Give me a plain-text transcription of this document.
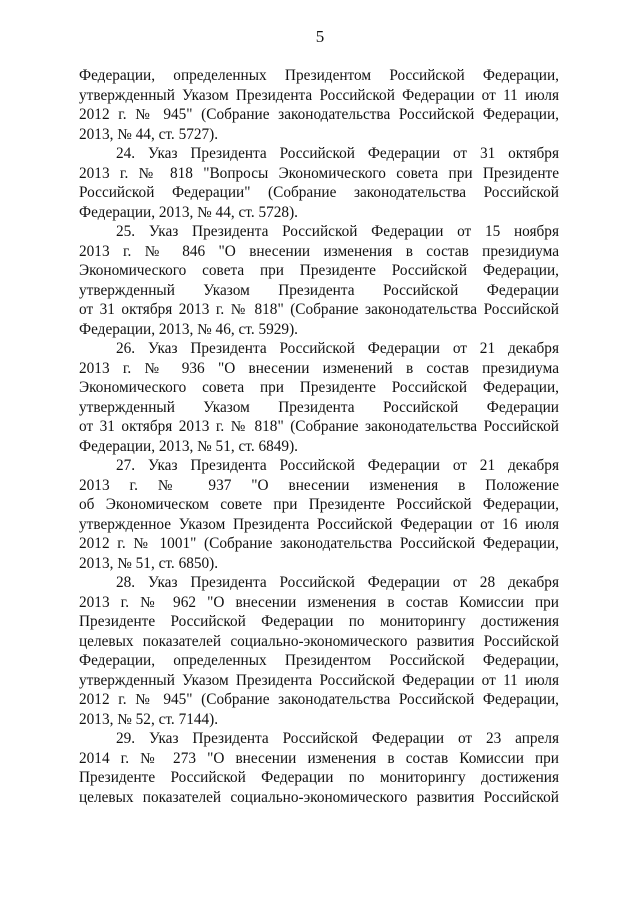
5
Федерации, определенных Президентом Российской Федерации,
утвержденный Указом Президента Российской Федерации от 11 июля
2012 г. № 945" (Собрание законодательства Российской Федерации,
2013, № 44, ст. 5727).
24. Указ Президента Российской Федерации от 31 октября
2013 г. № 818 "Вопросы Экономического совета при Президенте
Российской Федерации" (Собрание законодательства Российской
Федерации, 2013, № 44, ст. 5728).
25. Указ Президента Российской Федерации от 15 ноября
2013 г. № 846 "О внесении изменения в состав президиума
Экономического совета при Президенте Российской Федерации,
утвержденный Указом Президента Российской Федерации
от 31 октября 2013 г. № 818" (Собрание законодательства Российской
Федерации, 2013, № 46, ст. 5929).
26. Указ Президента Российской Федерации от 21 декабря
2013 г. № 936 "О внесении изменений в состав президиума
Экономического совета при Президенте Российской Федерации,
утвержденный Указом Президента Российской Федерации
от 31 октября 2013 г. № 818" (Собрание законодательства Российской
Федерации, 2013, № 51, ст. 6849).
27. Указ Президента Российской Федерации от 21 декабря
2013 г. № 937 "О внесении изменения в Положение
об Экономическом совете при Президенте Российской Федерации,
утвержденное Указом Президента Российской Федерации от 16 июля
2012 г. № 1001" (Собрание законодательства Российской Федерации,
2013, № 51, ст. 6850).
28. Указ Президента Российской Федерации от 28 декабря
2013 г. № 962 "О внесении изменения в состав Комиссии при
Президенте Российской Федерации по мониторингу достижения
целевых показателей социально-экономического развития Российской
Федерации, определенных Президентом Российской Федерации,
утвержденный Указом Президента Российской Федерации от 11 июля
2012 г. № 945" (Собрание законодательства Российской Федерации,
2013, № 52, ст. 7144).
29. Указ Президента Российской Федерации от 23 апреля
2014 г. № 273 "О внесении изменения в состав Комиссии при
Президенте Российской Федерации по мониторингу достижения
целевых показателей социально-экономического развития Российской
